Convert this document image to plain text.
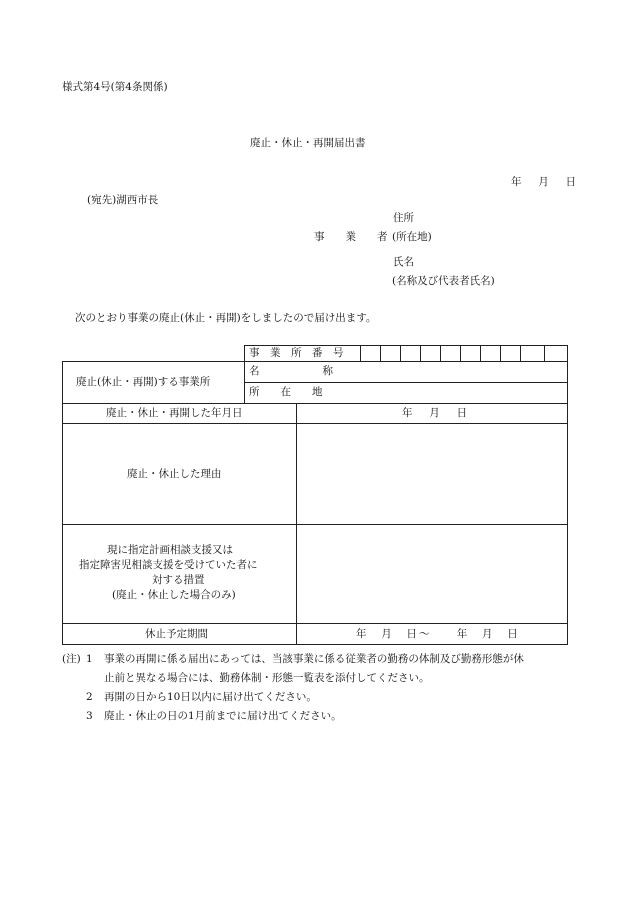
様式第4号(第4条関係)
廃止・休止・再開届出書
年　月　日
(宛先)湖西市長
住所
事　　業　　者 (所在地)
氏名
(名称及び代表者氏名)
次のとおり事業の廃止(休止・再開)をしましたので届け出ます。
廃止(休止・再開)する事業所
事　業　所　番　号
名　　　　　　称
所　　在　　地
廃止・休止・再開した年月日	年　月　日
廃止・休止した理由
現に指定計画相談支援又は
指定障害児相談支援を受けていた者に
対する措置
(廃止・休止した場合のみ)
休止予定期間	年　月　日〜　　年　月　日
(注) 1 事業の再開に係る届出にあっては、当該事業に係る従業者の勤務の体制及び勤務形態が休
止前と異なる場合には、勤務体制・形態一覧表を添付してください。
2 再開の日から10日以内に届け出てください。
3 廃止・休止の日の1月前までに届け出てください。
